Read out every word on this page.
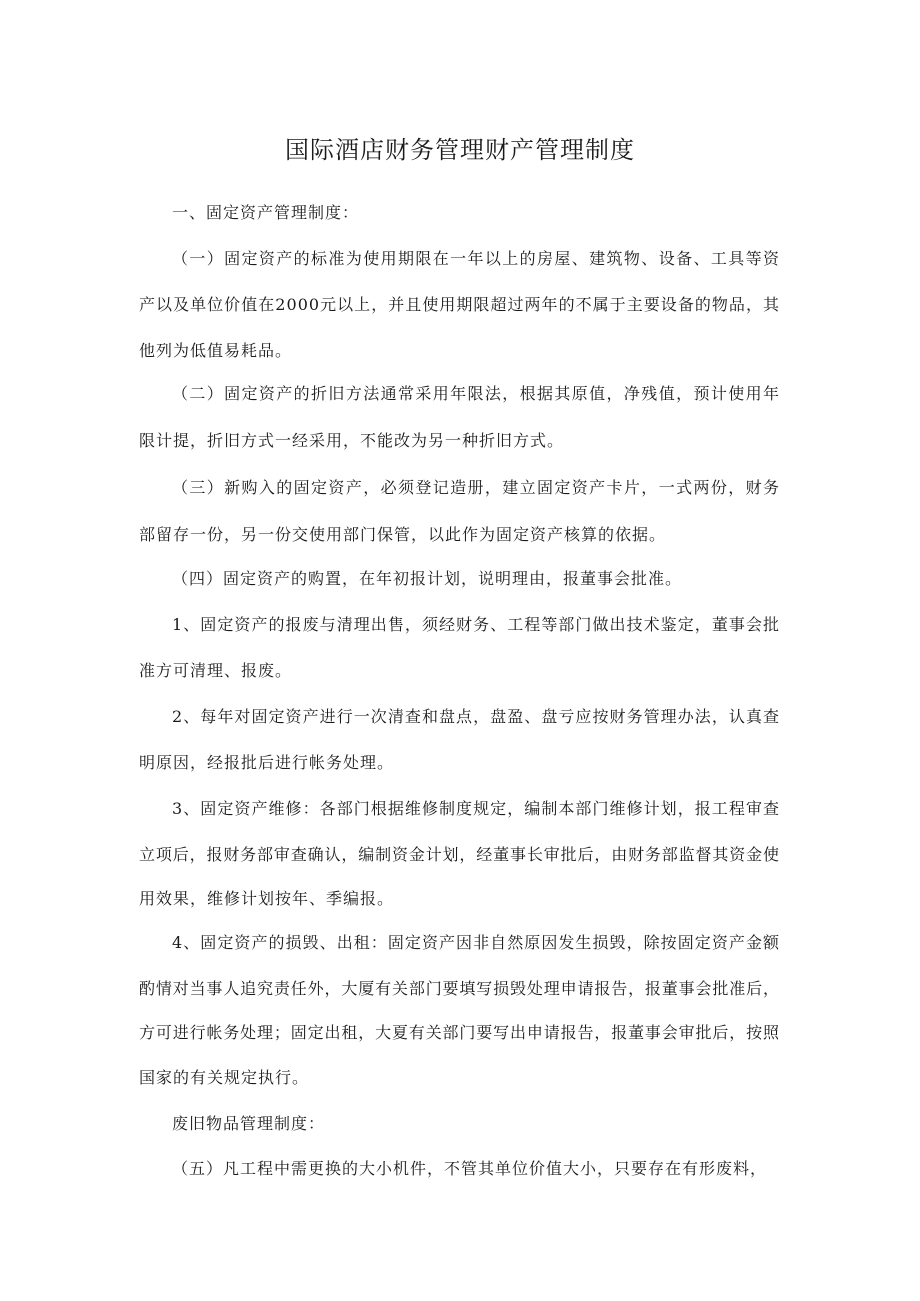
国际酒店财务管理财产管理制度
一、固定资产管理制度：
（一）固定资产的标准为使用期限在一年以上的房屋、建筑物、设备、工具等资
产以及单位价值在2000元以上，并且使用期限超过两年的不属于主要设备的物品，其
他列为低值易耗品。
（二）固定资产的折旧方法通常采用年限法，根据其原值，净残值，预计使用年
限计提，折旧方式一经采用，不能改为另一种折旧方式。
（三）新购入的固定资产，必须登记造册，建立固定资产卡片，一式两份，财务
部留存一份，另一份交使用部门保管，以此作为固定资产核算的依据。
（四）固定资产的购置，在年初报计划，说明理由，报董事会批准。
1、固定资产的报废与清理出售，须经财务、工程等部门做出技术鉴定，董事会批
准方可清理、报废。
2、每年对固定资产进行一次清查和盘点，盘盈、盘亏应按财务管理办法，认真查
明原因，经报批后进行帐务处理。
3、固定资产维修：各部门根据维修制度规定，编制本部门维修计划，报工程审查
立项后，报财务部审查确认，编制资金计划，经董事长审批后，由财务部监督其资金使
用效果，维修计划按年、季编报。
4、固定资产的损毁、出租：固定资产因非自然原因发生损毁，除按固定资产金额
酌情对当事人追究责任外，大厦有关部门要填写损毁处理申请报告，报董事会批准后，
方可进行帐务处理；固定出租，大夏有关部门要写出申请报告，报董事会审批后，按照
国家的有关规定执行。
废旧物品管理制度：
（五）凡工程中需更换的大小机件，不管其单位价值大小，只要存在有形废料，
